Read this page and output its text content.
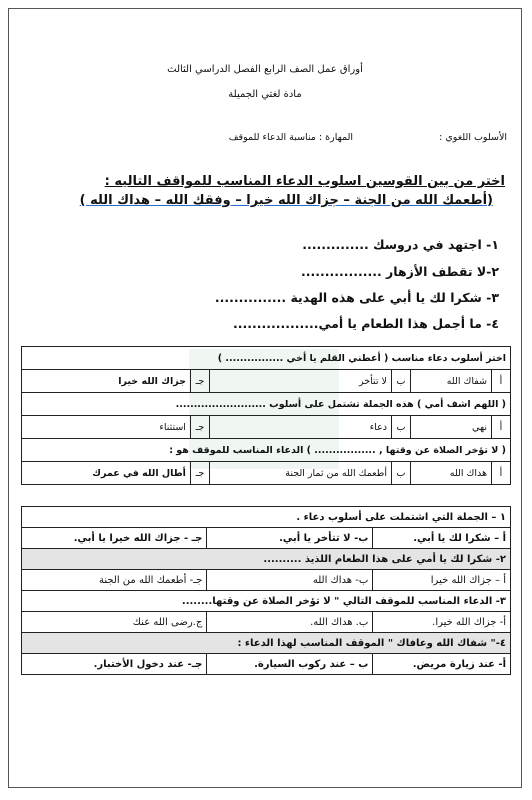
أوراق عمل الصف الرابع الفصل الدراسي الثالث
مادة لغتي الجميلة
الأسلوب اللغوي :
المهارة : مناسبة الدعاء للموقف
اختر من بين القوسين اسلوب الدعاء المناسب للمواقف التاليه :
(أطعمك الله من الجنة – جزاك الله خيرا – وفقك الله – هداك الله )
١- اجتهد في دروسك ..............
٢-لا تقطف الأزهار .................
٣- شكرا لك يا أبي على هذه الهدية ...............
٤- ما أجمل هذا الطعام يا أمي..................
اختر أسلوب دعاء مناسب ( أعطني القلم يا أخي ................ )					
أ	شفاك الله	ب	لا تتأخر	جـ	جزاك الله خيرا
( اللهم اشف أمي ) هذه الجملة تشتمل على أسلوب .........................					
أ	نهي	ب	دعاء	جـ	استثناء
( لا تؤخر الصلاة عن وقتها , ................. ) الدعاء المناسب للموقف هو :					
أ	هداك الله	ب	أطعمك الله من ثمار الجنة	جـ	أطال الله في عمرك
١ – الجملة التي اشتملت على أسلوب دعاء .		
أ – شكرا لك يا أبي.	ب- لا تتأخر يا أبي.	جـ - جزاك الله خيرا يا أبي.
٢- شكرا لك يا أمي على هذا الطعام اللذيذ ..........		
أ – جزاك الله خيرا	ب- هداك الله	جـ- أطعمك الله من الجنة
٣- الدعاء المناسب للموقف التالي " لا تؤخر الصلاة عن وقتها........		
أ- جزاك الله خيرا.	ب. هداك الله.	ج.رضى الله عنك
٤-" شفاك الله وعافاك " الموقف المناسب لهذا الدعاء :		
أ- عند زيارة مريض.	ب – عند ركوب السيارة.	جـ- عند دخول الأختبار.
